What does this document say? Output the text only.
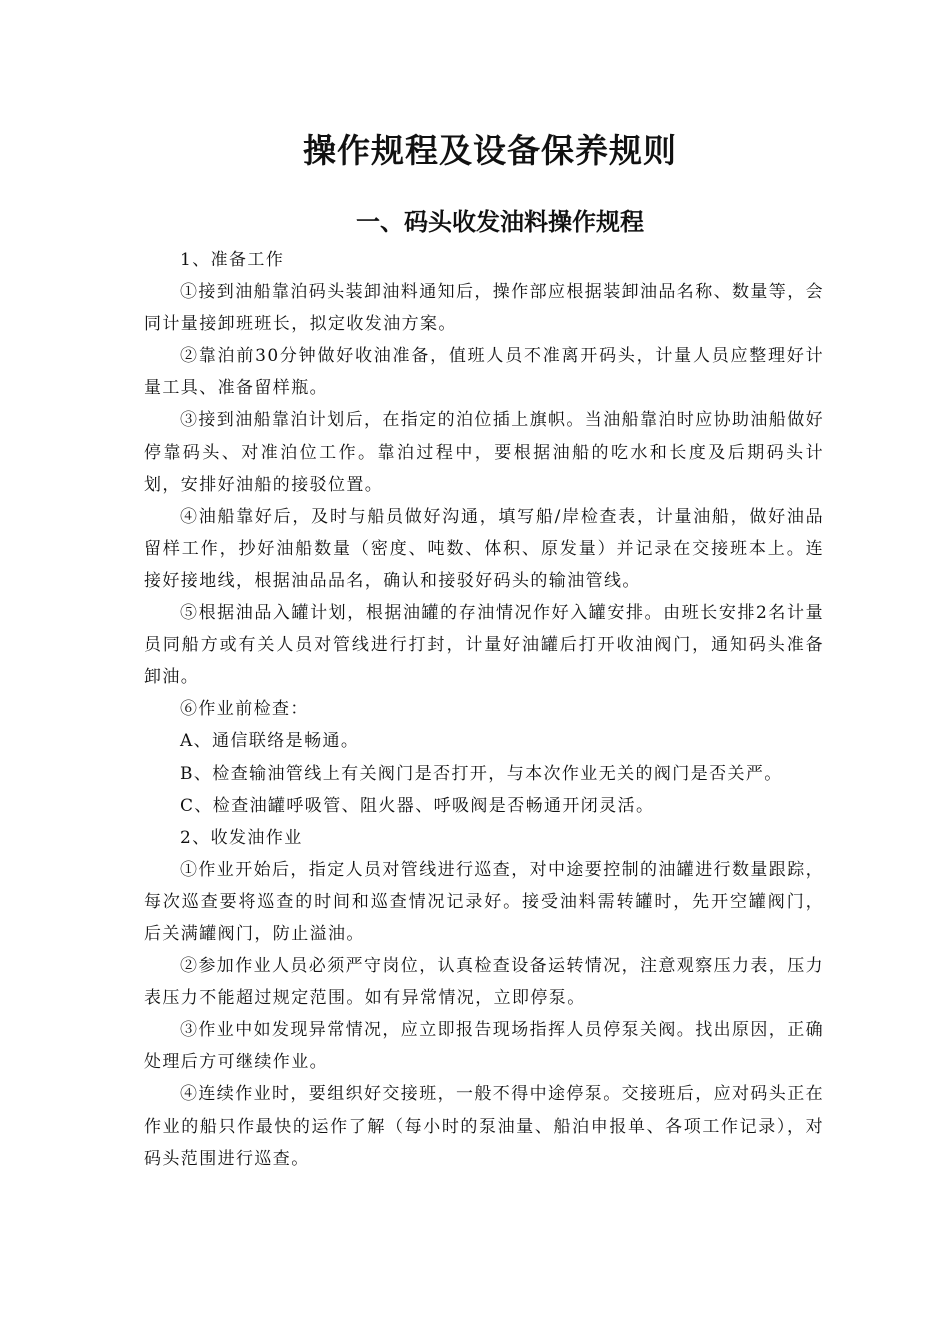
操作规程及设备保养规则
一、码头收发油料操作规程

1、准备工作

①接到油船靠泊码头装卸油料通知后，操作部应根据装卸油品名称、数量等，会同计量接卸班班长，拟定收发油方案。

②靠泊前30分钟做好收油准备，值班人员不准离开码头，计量人员应整理好计量工具、准备留样瓶。

③接到油船靠泊计划后，在指定的泊位插上旗帜。当油船靠泊时应协助油船做好停靠码头、对准泊位工作。靠泊过程中，要根据油船的吃水和长度及后期码头计划，安排好油船的接驳位置。

④油船靠好后，及时与船员做好沟通，填写船/岸检查表，计量油船，做好油品留样工作，抄好油船数量（密度、吨数、体积、原发量）并记录在交接班本上。连接好接地线，根据油品品名，确认和接驳好码头的输油管线。

⑤根据油品入罐计划，根据油罐的存油情况作好入罐安排。由班长安排2名计量员同船方或有关人员对管线进行打封，计量好油罐后打开收油阀门，通知码头准备卸油。

⑥作业前检查：

A、通信联络是畅通。

B、检查输油管线上有关阀门是否打开，与本次作业无关的阀门是否关严。

C、检查油罐呼吸管、阻火器、呼吸阀是否畅通开闭灵活。

2、收发油作业

①作业开始后，指定人员对管线进行巡查，对中途要控制的油罐进行数量跟踪，每次巡查要将巡查的时间和巡查情况记录好。接受油料需转罐时，先开空罐阀门，后关满罐阀门，防止溢油。

②参加作业人员必须严守岗位，认真检查设备运转情况，注意观察压力表，压力表压力不能超过规定范围。如有异常情况，立即停泵。

③作业中如发现异常情况，应立即报告现场指挥人员停泵关阀。找出原因，正确处理后方可继续作业。

④连续作业时，要组织好交接班，一般不得中途停泵。交接班后，应对码头正在作业的船只作最快的运作了解（每小时的泵油量、船泊申报单、各项工作记录），对码头范围进行巡查。
